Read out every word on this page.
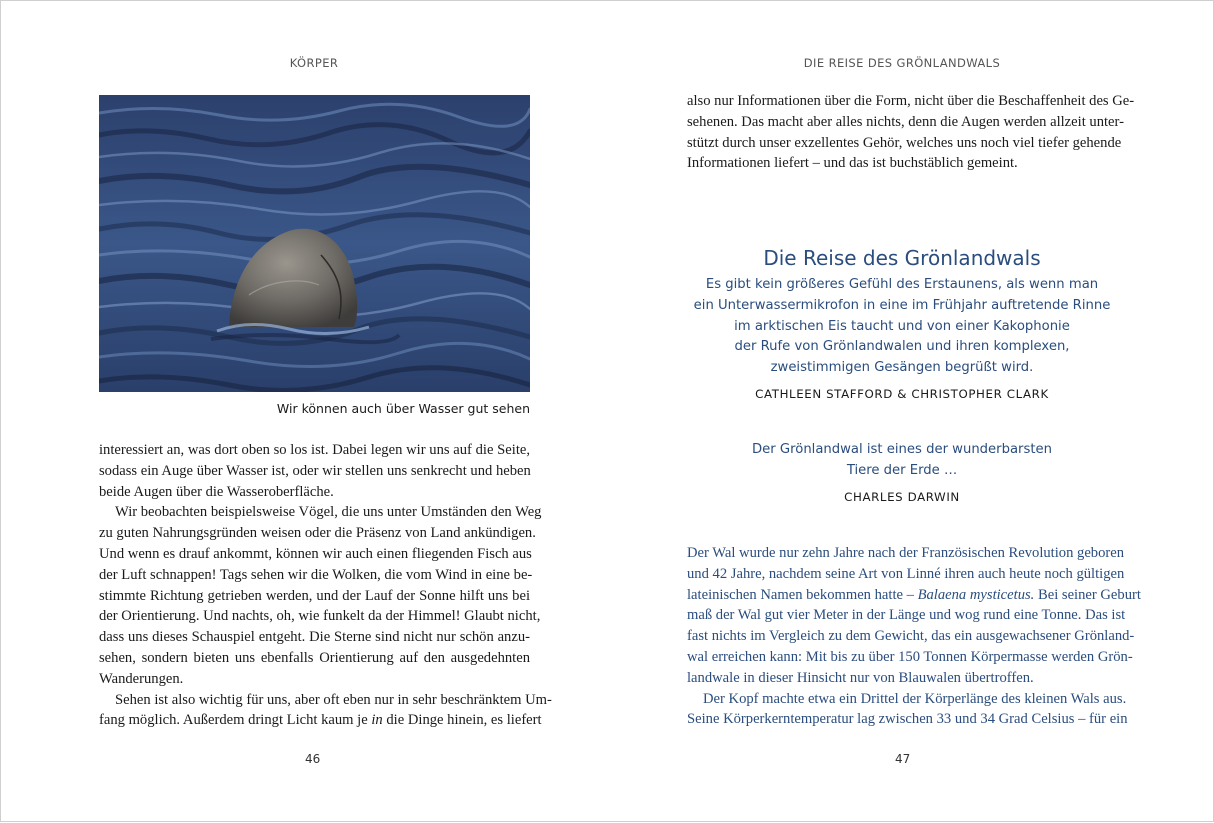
KÖRPER
Wir können auch über Wasser gut sehen

interessiert an, was dort oben so los ist. Dabei legen wir uns auf die Seite,
sodass ein Auge über Wasser ist, oder wir stellen uns senkrecht und heben
beide Augen über die Wasseroberfläche.

Wir beobachten beispielsweise Vögel, die uns unter Umständen den Weg
zu guten Nahrungsgründen weisen oder die Präsenz von Land ankündigen.
Und wenn es drauf ankommt, können wir auch einen fliegenden Fisch aus
der Luft schnappen! Tags sehen wir die Wolken, die vom Wind in eine be-
stimmte Richtung getrieben werden, und der Lauf der Sonne hilft uns bei
der Orientierung. Und nachts, oh, wie funkelt da der Himmel! Glaubt nicht,
dass uns dieses Schauspiel entgeht. Die Sterne sind nicht nur schön anzu-
sehen, sondern bieten uns ebenfalls Orientierung auf den ausgedehnten
Wanderungen.

Sehen ist also wichtig für uns, aber oft eben nur in sehr beschränktem Um-
fang möglich. Außerdem dringt Licht kaum je in die Dinge hinein, es liefert

46
DIE REISE DES GRÖNLANDWALS

also nur Informationen über die Form, nicht über die Beschaffenheit des Ge-
sehenen. Das macht aber alles nichts, denn die Augen werden allzeit unter-
stützt durch unser exzellentes Gehör, welches uns noch viel tiefer gehende
Informationen liefert – und das ist buchstäblich gemeint.

Die Reise des Grönlandwals
Es gibt kein größeres Gefühl des Erstaunens, als wenn man
ein Unterwassermikrofon in eine im Frühjahr auftretende Rinne
im arktischen Eis taucht und von einer Kakophonie
der Rufe von Grönlandwalen und ihren komplexen,
zweistimmigen Gesängen begrüßt wird.
CATHLEEN STAFFORD & CHRISTOPHER CLARK
Der Grönlandwal ist eines der wunderbarsten
Tiere der Erde …
CHARLES DARWIN

Der Wal wurde nur zehn Jahre nach der Französischen Revolution geboren
und 42 Jahre, nachdem seine Art von Linné ihren auch heute noch gültigen
lateinischen Namen bekommen hatte – Balaena mysticetus. Bei seiner Geburt
maß der Wal gut vier Meter in der Länge und wog rund eine Tonne. Das ist
fast nichts im Vergleich zu dem Gewicht, das ein ausgewachsener Grönland-
wal erreichen kann: Mit bis zu über 150 Tonnen Körpermasse werden Grön-
landwale in dieser Hinsicht nur von Blauwalen übertroffen.

Der Kopf machte etwa ein Drittel der Körperlänge des kleinen Wals aus.
Seine Körperkerntemperatur lag zwischen 33 und 34 Grad Celsius – für ein

47
